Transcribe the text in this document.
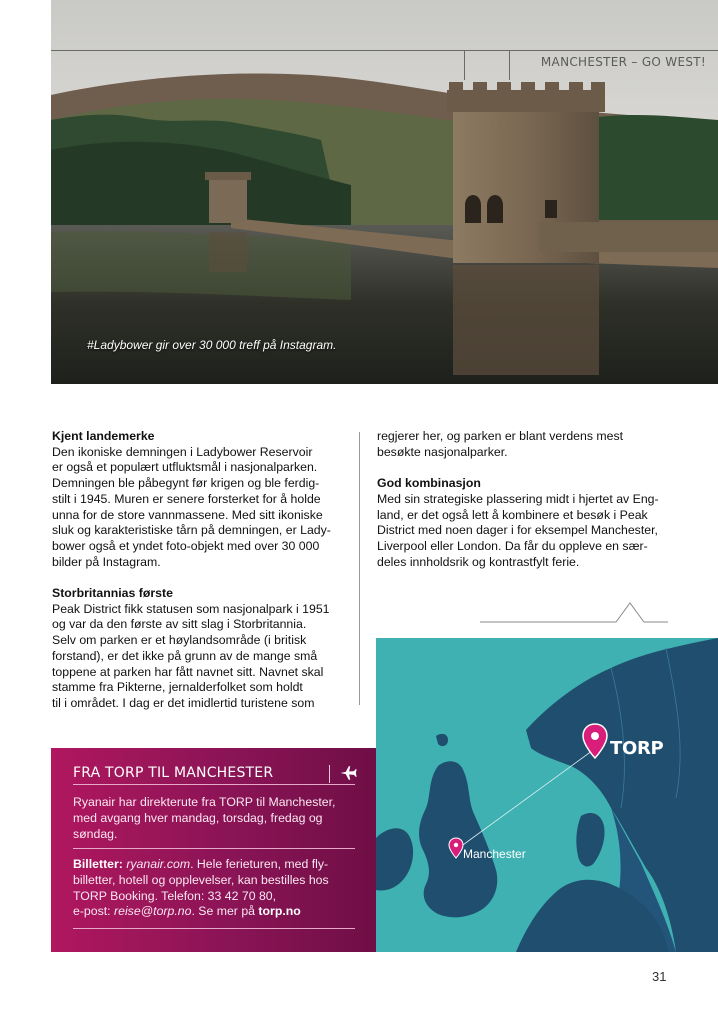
MANCHESTER – GO WEST!
#Ladybower gir over 30 000 treff på Instagram.
Kjent landemerke

Den ikoniske demningen i Ladybower Reservoir

er også et populært utfluktsmål i nasjonalparken.

Demningen ble påbegynt før krigen og ble ferdig-

stilt i 1945. Muren er senere forsterket for å holde

unna for de store vannmassene. Med sitt ikoniske

sluk og karakteristiske tårn på demningen, er Lady-

bower også et yndet foto-objekt med over 30 000

bilder på Instagram.

Storbritannias første

Peak District fikk statusen som nasjonalpark i 1951

og var da den første av sitt slag i Storbritannia.

Selv om parken er et høylandsområde (i britisk

forstand), er det ikke på grunn av de mange små

toppene at parken har fått navnet sitt. Navnet skal

stamme fra Pikterne, jernalderfolket som holdt

til i området. I dag er det imidlertid turistene som

regjerer her, og parken er blant verdens mest

besøkte nasjonalparker.

God kombinasjon

Med sin strategiske plassering midt i hjertet av Eng-

land, er det også lett å kombinere et besøk i Peak

District med noen dager i for eksempel Manchester,

Liverpool eller London. Da får du oppleve en sær-

deles innholdsrik og kontrastfylt ferie.

FRA TORP TIL MANCHESTER
Ryanair har direkterute fra TORP til Manchester,
med avgang hver mandag, torsdag, fredag og
søndag.
Billetter: ryanair.com. Hele ferieturen, med fly-
billetter, hotell og opplevelser, kan bestilles hos
TORP Booking. Telefon: 33 42 70 80,
e-post: reise@torp.no. Se mer på torp.no
TORP
Manchester
31
